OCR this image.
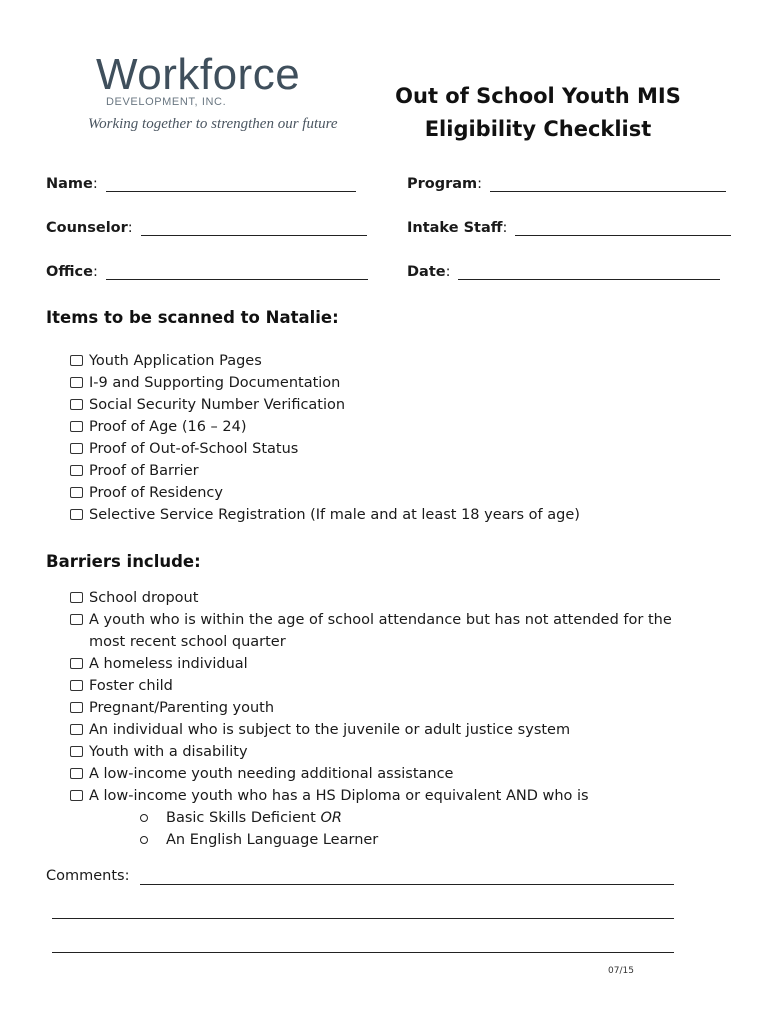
Workforce
DEVELOPMENT, INC.
Working together to strengthen our future
Out of School Youth MIS
Eligibility Checklist
Name :	Program :
Counselor :	Intake Staff :
Office :	Date :
Items to be scanned to Natalie:
Youth Application Pages
I-9 and Supporting Documentation
Social Security Number Verification
Proof of Age (16 – 24)
Proof of Out-of-School Status
Proof of Barrier
Proof of Residency
Selective Service Registration (If male and at least 18 years of age)
Barriers include:
School dropout
A youth who is within the age of school attendance but has not attended for the most recent school quarter
A homeless individual
Foster child
Pregnant/Parenting youth
An individual who is subject to the juvenile or adult justice system
Youth with a disability
A low-income youth needing additional assistance
A low-income youth who has a HS Diploma or equivalent AND who is
Basic Skills Deficient
OR
An English Language Learner
Comments:
07/15
